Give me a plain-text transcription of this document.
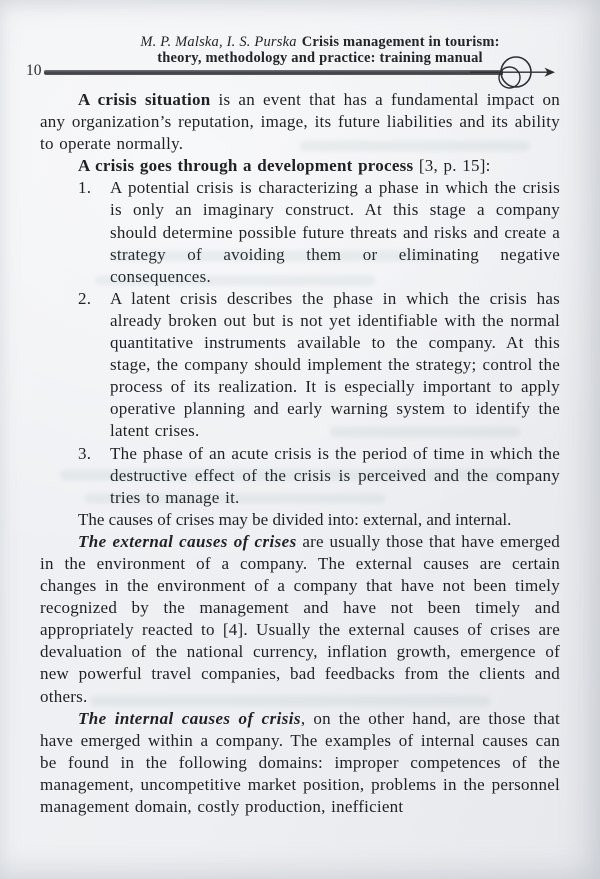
M. P. Malska, I. S. Purska Crisis management in tourism:
theory, methodology and practice: training manual
10
A crisis situation is an event that has a fundamental impact on any organization’s reputation, image, its future liabilities and its ability to operate normally.
A crisis goes through a development process [3, p. 15]:
1. A potential crisis is characterizing a phase in which the crisis is only an imaginary construct. At this stage a company should determine possible future threats and risks and create a strategy of avoiding them or eliminating negative consequences.
2. A latent crisis describes the phase in which the crisis has already broken out but is not yet identifiable with the normal quantitative instruments available to the company. At this stage, the company should implement the strategy; control the process of its realization. It is especially important to apply operative planning and early warning system to identify the latent crises.
3. The phase of an acute crisis is the period of time in which the destructive effect of the crisis is perceived and the company tries to manage it.
The causes of crises may be divided into: external, and internal.
The external causes of crises are usually those that have emerged in the environment of a company. The external causes are certain changes in the environment of a company that have not been timely recognized by the management and have not been timely and appropriately reacted to [4]. Usually the external causes of crises are devaluation of the national currency, inflation growth, emergence of new powerful travel companies, bad feedbacks from the clients and others.
The internal causes of crisis, on the other hand, are those that have emerged within a company. The examples of internal causes can be found in the following domains: improper competences of the management, uncompetitive market position, problems in the personnel management domain, costly production, inefficient
